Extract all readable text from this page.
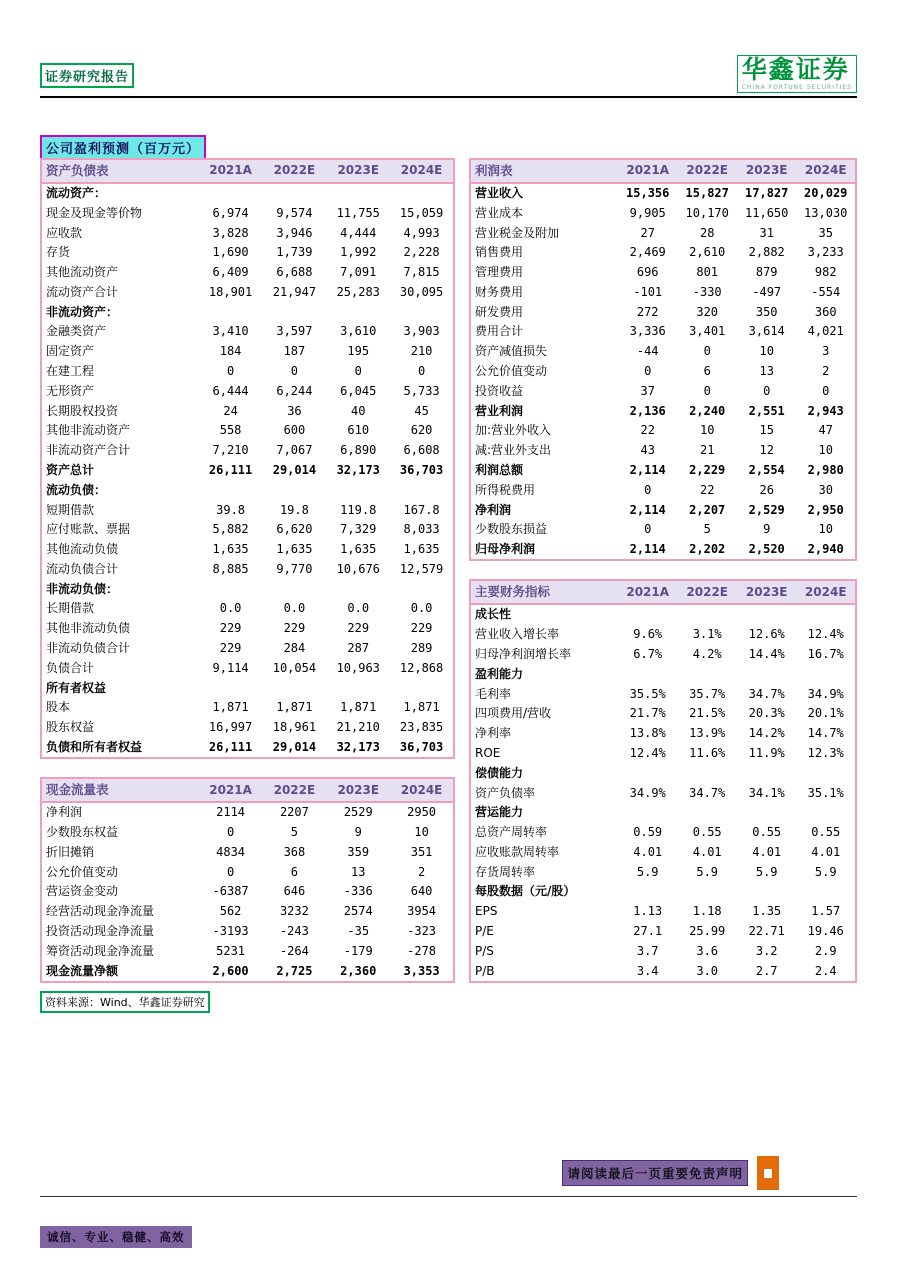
证券研究报告	华鑫证券
CHINA FORTUNE SECURITIES
公司盈利预测（百万元）
资产负债表	2021A	2022E	2023E	2024E
流动资产：				
现金及现金等价物	6,974	9,574	11,755	15,059
应收款	3,828	3,946	4,444	4,993
存货	1,690	1,739	1,992	2,228
其他流动资产	6,409	6,688	7,091	7,815
流动资产合计	18,901	21,947	25,283	30,095
非流动资产：				
金融类资产	3,410	3,597	3,610	3,903
固定资产	184	187	195	210
在建工程	0	0	0	0
无形资产	6,444	6,244	6,045	5,733
长期股权投资	24	36	40	45
其他非流动资产	558	600	610	620
非流动资产合计	7,210	7,067	6,890	6,608
资产总计	26,111	29,014	32,173	36,703
流动负债：				
短期借款	39.8	19.8	119.8	167.8
应付账款、票据	5,882	6,620	7,329	8,033
其他流动负债	1,635	1,635	1,635	1,635
流动负债合计	8,885	9,770	10,676	12,579
非流动负债：				
长期借款	0.0	0.0	0.0	0.0
其他非流动负债	229	229	229	229
非流动负债合计	229	284	287	289
负债合计	9,114	10,054	10,963	12,868
所有者权益				
股本	1,871	1,871	1,871	1,871
股东权益	16,997	18,961	21,210	23,835
负债和所有者权益	26,111	29,014	32,173	36,703
现金流量表	2021A	2022E	2023E	2024E
净利润	2114	2207	2529	2950
少数股东权益	0	5	9	10
折旧摊销	4834	368	359	351
公允价值变动	0	6	13	2
营运资金变动	-6387	646	-336	640
经营活动现金净流量	562	3232	2574	3954
投资活动现金净流量	-3193	-243	-35	-323
筹资活动现金净流量	5231	-264	-179	-278
现金流量净额	2,600	2,725	2,360	3,353
资料来源：Wind、华鑫证券研究
利润表	2021A	2022E	2023E	2024E
营业收入	15,356	15,827	17,827	20,029
营业成本	9,905	10,170	11,650	13,030
营业税金及附加	27	28	31	35
销售费用	2,469	2,610	2,882	3,233
管理费用	696	801	879	982
财务费用	-101	-330	-497	-554
研发费用	272	320	350	360
费用合计	3,336	3,401	3,614	4,021
资产减值损失	-44	0	10	3
公允价值变动	0	6	13	2
投资收益	37	0	0	0
营业利润	2,136	2,240	2,551	2,943
加:营业外收入	22	10	15	47
减:营业外支出	43	21	12	10
利润总额	2,114	2,229	2,554	2,980
所得税费用	0	22	26	30
净利润	2,114	2,207	2,529	2,950
少数股东损益	0	5	9	10
归母净利润	2,114	2,202	2,520	2,940
主要财务指标	2021A	2022E	2023E	2024E
成长性				
营业收入增长率	9.6%	3.1%	12.6%	12.4%
归母净利润增长率	6.7%	4.2%	14.4%	16.7%
盈利能力				
毛利率	35.5%	35.7%	34.7%	34.9%
四项费用/营收	21.7%	21.5%	20.3%	20.1%
净利率	13.8%	13.9%	14.2%	14.7%
ROE	12.4%	11.6%	11.9%	12.3%
偿债能力				
资产负债率	34.9%	34.7%	34.1%	35.1%
营运能力				
总资产周转率	0.59	0.55	0.55	0.55
应收账款周转率	4.01	4.01	4.01	4.01
存货周转率	5.9	5.9	5.9	5.9
每股数据（元/股）				
EPS	1.13	1.18	1.35	1.57
P/E	27.1	25.99	22.71	19.46
P/S	3.7	3.6	3.2	2.9
P/B	3.4	3.0	2.7	2.4
请阅读最后一页重要免责声明
诚信、专业、稳健、高效
